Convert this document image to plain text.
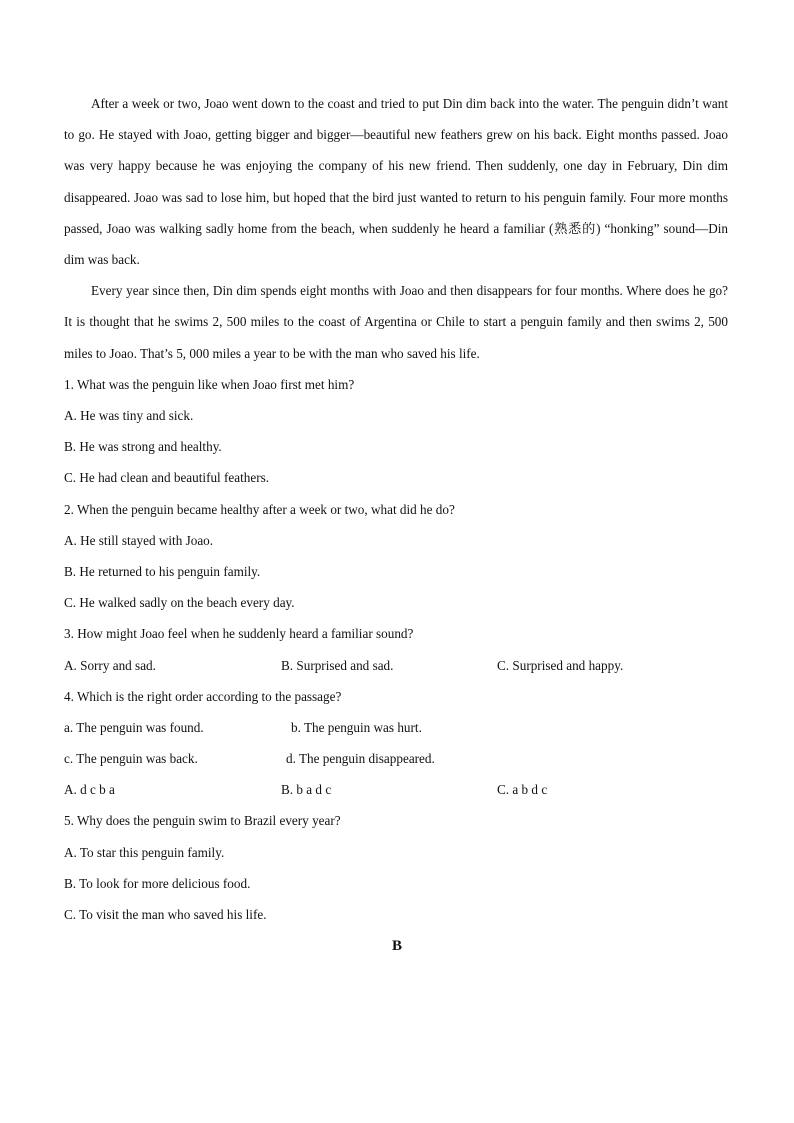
After a week or two, Joao went down to the coast and tried to put Din dim back into the water. The penguin didn’t want to go. He stayed with Joao, getting bigger and bigger—beautiful new feathers grew on his back. Eight months passed. Joao was very happy because he was enjoying the company of his new friend. Then suddenly, one day in February, Din dim disappeared. Joao was sad to lose him, but hoped that the bird just wanted to return to his penguin family. Four more months passed, Joao was walking sadly home from the beach, when suddenly he heard a familiar (熟悉的) “honking” sound—Din dim was back.

Every year since then, Din dim spends eight months with Joao and then disappears for four months. Where does he go? It is thought that he swims 2, 500 miles to the coast of Argentina or Chile to start a penguin family and then swims 2, 500 miles to Joao. That’s 5, 000 miles a year to be with the man who saved his life.

1. What was the penguin like when Joao first met him?

A. He was tiny and sick.

B. He was strong and healthy.

C. He had clean and beautiful feathers.

2. When the penguin became healthy after a week or two, what did he do?

A. He still stayed with Joao.

B. He returned to his penguin family.

C. He walked sadly on the beach every day.

3. How might Joao feel when he suddenly heard a familiar sound?

A. Sorry and sad.	B. Surprised and sad.	C. Surprised and happy.

4. Which is the right order according to the passage?

a. The penguin was found.	b. The penguin was hurt.
c. The penguin was back.	d. The penguin disappeared.
A. d c b a	B. b a d c	C. a b d c

5. Why does the penguin swim to Brazil every year?

A. To star this penguin family.

B. To look for more delicious food.

C. To visit the man who saved his life.

B
